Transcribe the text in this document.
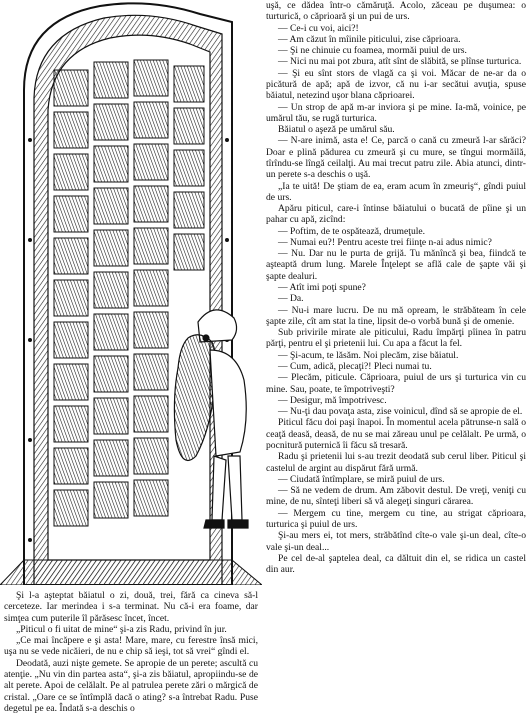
Şi l-a aşteptat băiatul o zi, două, trei, fără ca cineva să-l cerceteze. Iar merindea i s-a terminat. Nu că-i era foame, dar simţea cum puterile îl părăsesc încet, încet.

„Piticul o fi uitat de mine“ şi-a zis Radu, privind în jur.

„Ce mai încăpere e şi asta! Mare, mare, cu ferestre însă mici, uşa nu se vede nicăieri, de nu e chip să ieşi, tot să vrei“ gîndi el.

Deodată, auzi nişte gemete. Se apropie de un perete; ascultă cu atenţie. „Nu vin din partea asta“, şi-a zis băiatul, apropiindu-se de alt perete. Apoi de celălalt. Pe al patrulea perete zări o mărgică de cristal. „Oare ce se întîmplă dacă o ating? s-a întrebat Radu. Puse degetul pe ea. Îndată s-a deschis o

uşă, ce dădea într-o cămăruţă. Acolo, zăceau pe duşumea: o turturică, o căprioară şi un pui de urs.

— Ce-i cu voi, aici?!

— Am căzut în mîinile piticului, zise căprioara.

— Şi ne chinuie cu foamea, mormăi puiul de urs.

— Nici nu mai pot zbura, atît sînt de slăbită, se plînse turturica.

— Şi eu sînt stors de vlagă ca şi voi. Măcar de ne-ar da o picătură de apă; apă de izvor, că nu i-ar secătui avuţia, spuse băiatul, netezind uşor blana căprioarei.

— Un strop de apă m-ar inviora şi pe mine. Ia-mă, voinice, pe umărul tău, se rugă turturica.

Băiatul o aşeză pe umărul său.

— N-are inimă, asta e! Ce, parcă o cană cu zmeură l-ar sărăci? Doar e plină pădurea cu zmeură şi cu mure, se tîngui mormăilă, tîrîndu-se lîngă ceilalţi. Au mai trecut patru zile. Abia atunci, dintr-un perete s-a deschis o uşă.

„Ia te uită! De ştiam de ea, eram acum în zmeuriş“, gîndi puiul de urs.

Apăru piticul, care-i întinse băiatului o bucată de pîine şi un pahar cu apă, zicînd:

— Poftim, de te ospătează, drumeţule.

— Numai eu?! Pentru aceste trei fiinţe n-ai adus nimic?

— Nu. Dar nu le purta de grijă. Tu mănîncă şi bea, fiindcă te aşteaptă drum lung. Marele Înţelept se află cale de şapte văi şi şapte dealuri.

— Atît imi poţi spune?

— Da.

— Nu-i mare lucru. De nu mă opream, le străbăteam în cele şapte zile, cît am stat la tine, lipsit de-o vorbă bună şi de omenie.

Sub privirile mirate ale piticului, Radu împărţi pîinea în patru părţi, pentru el şi prietenii lui. Cu apa a făcut la fel.

— Şi-acum, te lăsăm. Noi plecăm, zise băiatul.

— Cum, adică, plecaţi?! Pleci numai tu.

— Plecăm, piticule. Căprioara, puiul de urs şi turturica vin cu mine. Sau, poate, te împotriveşti?

— Desigur, mă împotrivesc.

— Nu-ţi dau povaţa asta, zise voinicul, dînd să se apropie de el.

Piticul făcu doi paşi înapoi. În momentul acela pătrunse-n sală o ceaţă deasă, deasă, de nu se mai zăreau unul pe celălalt. Pe urmă, o pocnitură puternică îi făcu să tresară.

Radu şi prietenii lui s-au trezit deodată sub cerul liber. Piticul şi castelul de argint au dispărut fără urmă.

— Ciudată întîmplare, se miră puiul de urs.

— Să ne vedem de drum. Am zăbovit destul. De vreţi, veniţi cu mine, de nu, sînteţi liberi să vă alegeţi singuri cărarea.

— Mergem cu tine, mergem cu tine, au strigat căprioara, turturica şi puiul de urs.

Şi-au mers ei, tot mers, străbătînd cîte-o vale şi-un deal, cîte-o vale şi-un deal...

Pe cel de-al şaptelea deal, ca dăltuit din el, se ridica un castel din aur.
